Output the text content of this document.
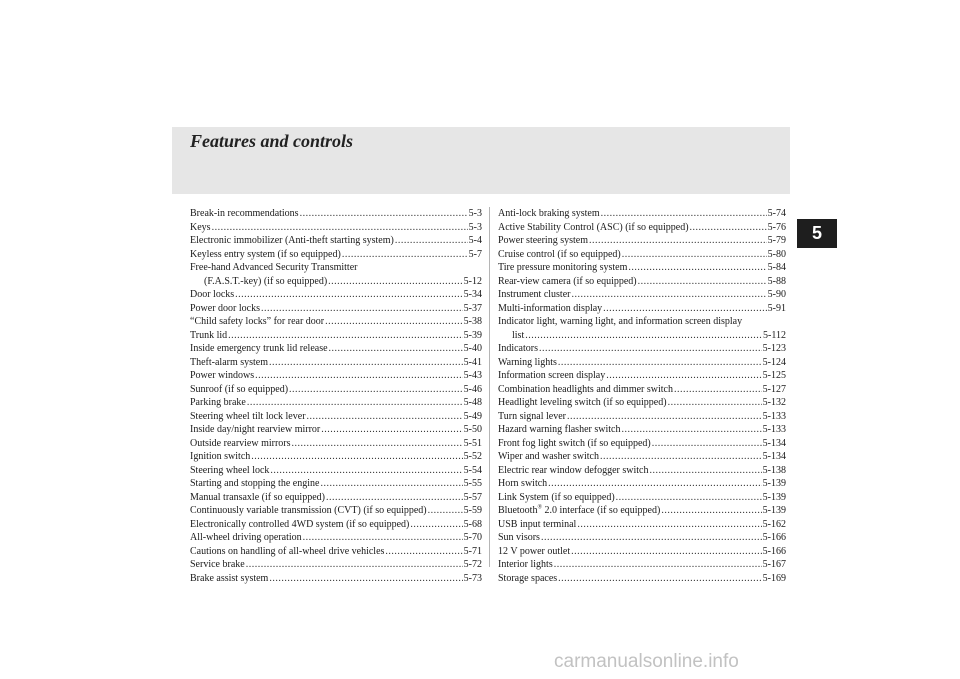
Features and controls
5
Break-in recommendations .....	5-3
Keys .....	5-3
Electronic immobilizer (Anti-theft starting system) .....	5-4
Keyless entry system (if so equipped) .....	5-7
Free-hand Advanced Security Transmitter
(F.A.S.T.-key) (if so equipped) .....	5-12
Door locks .....	5-34
Power door locks .....	5-37
“Child safety locks” for rear door .....	5-38
Trunk lid .....	5-39
Inside emergency trunk lid release .....	5-40
Theft-alarm system .....	5-41
Power windows .....	5-43
Sunroof (if so equipped) .....	5-46
Parking brake .....	5-48
Steering wheel tilt lock lever .....	5-49
Inside day/night rearview mirror .....	5-50
Outside rearview mirrors .....	5-51
Ignition switch .....	5-52
Steering wheel lock .....	5-54
Starting and stopping the engine .....	5-55
Manual transaxle (if so equipped) .....	5-57
Continuously variable transmission (CVT) (if so equipped) .....	5-59
Electronically controlled 4WD system (if so equipped) .....	5-68
All-wheel driving operation .....	5-70
Cautions on handling of all-wheel drive vehicles .....	5-71
Service brake .....	5-72
Brake assist system .....	5-73
Anti-lock braking system .....	5-74
Active Stability Control (ASC) (if so equipped) .....	5-76
Power steering system .....	5-79
Cruise control (if so equipped) .....	5-80
Tire pressure monitoring system .....	5-84
Rear-view camera (if so equipped) .....	5-88
Instrument cluster .....	5-90
Multi-information display .....	5-91
Indicator light, warning light, and information screen display
list .....	5-112
Indicators .....	5-123
Warning lights .....	5-124
Information screen display .....	5-125
Combination headlights and dimmer switch .....	5-127
Headlight leveling switch (if so equipped) .....	5-132
Turn signal lever .....	5-133
Hazard warning flasher switch .....	5-133
Front fog light switch (if so equipped) .....	5-134
Wiper and washer switch .....	5-134
Electric rear window defogger switch .....	5-138
Horn switch .....	5-139
Link System (if so equipped) .....	5-139
Bluetooth® 2.0 interface (if so equipped) .....	5-139
USB input terminal .....	5-162
Sun visors .....	5-166
12 V power outlet .....	5-166
Interior lights .....	5-167
Storage spaces .....	5-169
carmanualsonline.info
